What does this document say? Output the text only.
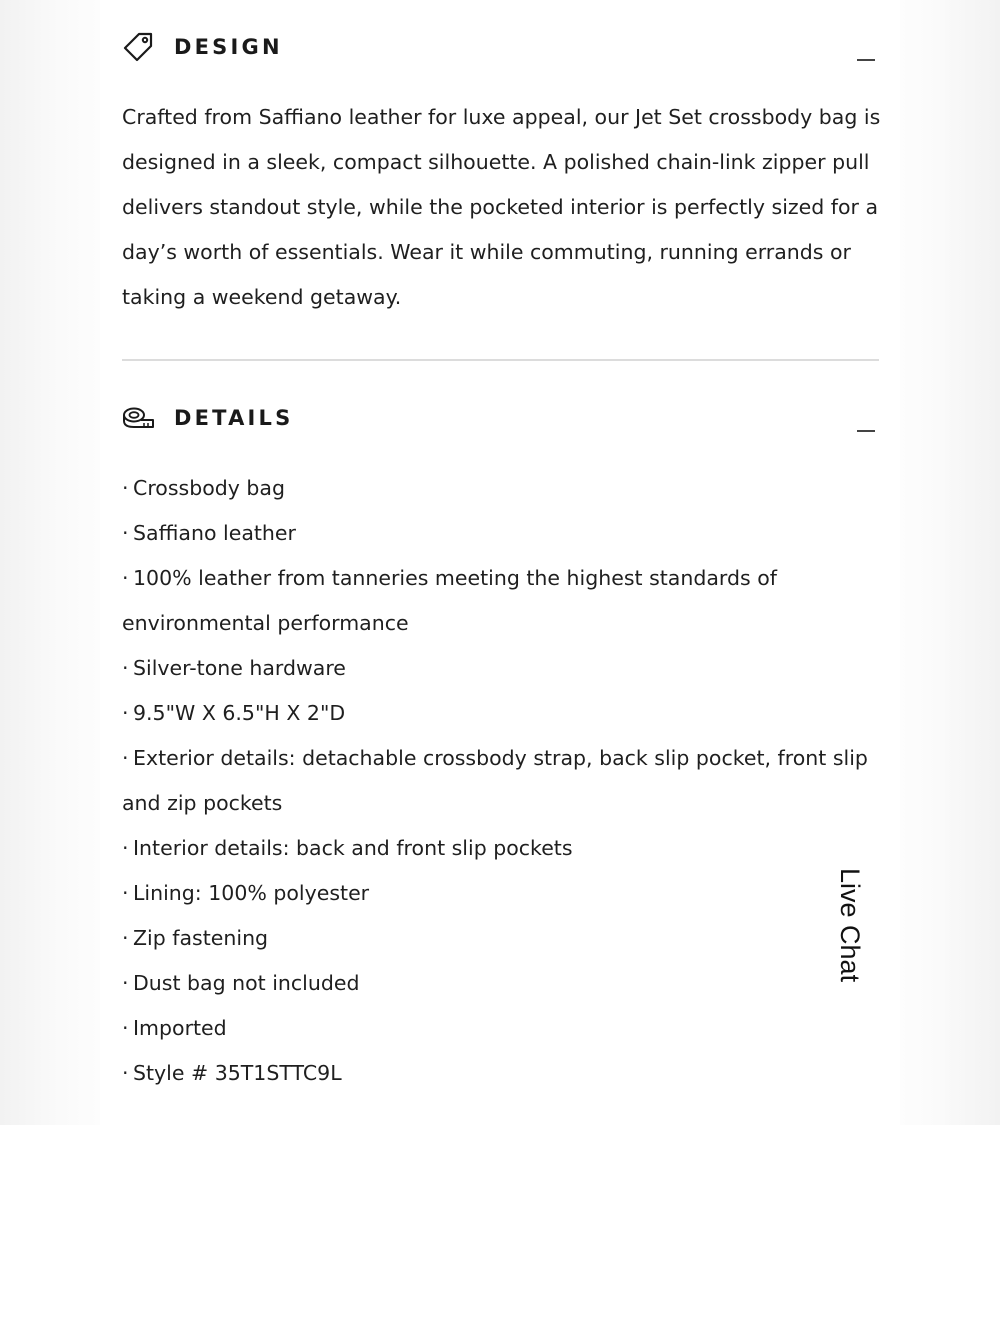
DESIGN

Crafted from Saffiano leather for luxe appeal, our Jet Set crossbody bag is designed in a sleek, compact silhouette. A polished chain-link zipper pull delivers standout style, while the pocketed interior is perfectly sized for a day’s worth of essentials. Wear it while commuting, running errands or taking a weekend getaway.

DETAILS
· Crossbody bag
· Saffiano leather
· 100% leather from tanneries meeting the highest standards of environmental performance
· Silver-tone hardware
· 9.5"W X 6.5"H X 2"D
· Exterior details: detachable crossbody strap, back slip pocket, front slip and zip pockets
· Interior details: back and front slip pockets
· Lining: 100% polyester
· Zip fastening
· Dust bag not included
· Imported
· Style # 35T1STTC9L
Live Chat
